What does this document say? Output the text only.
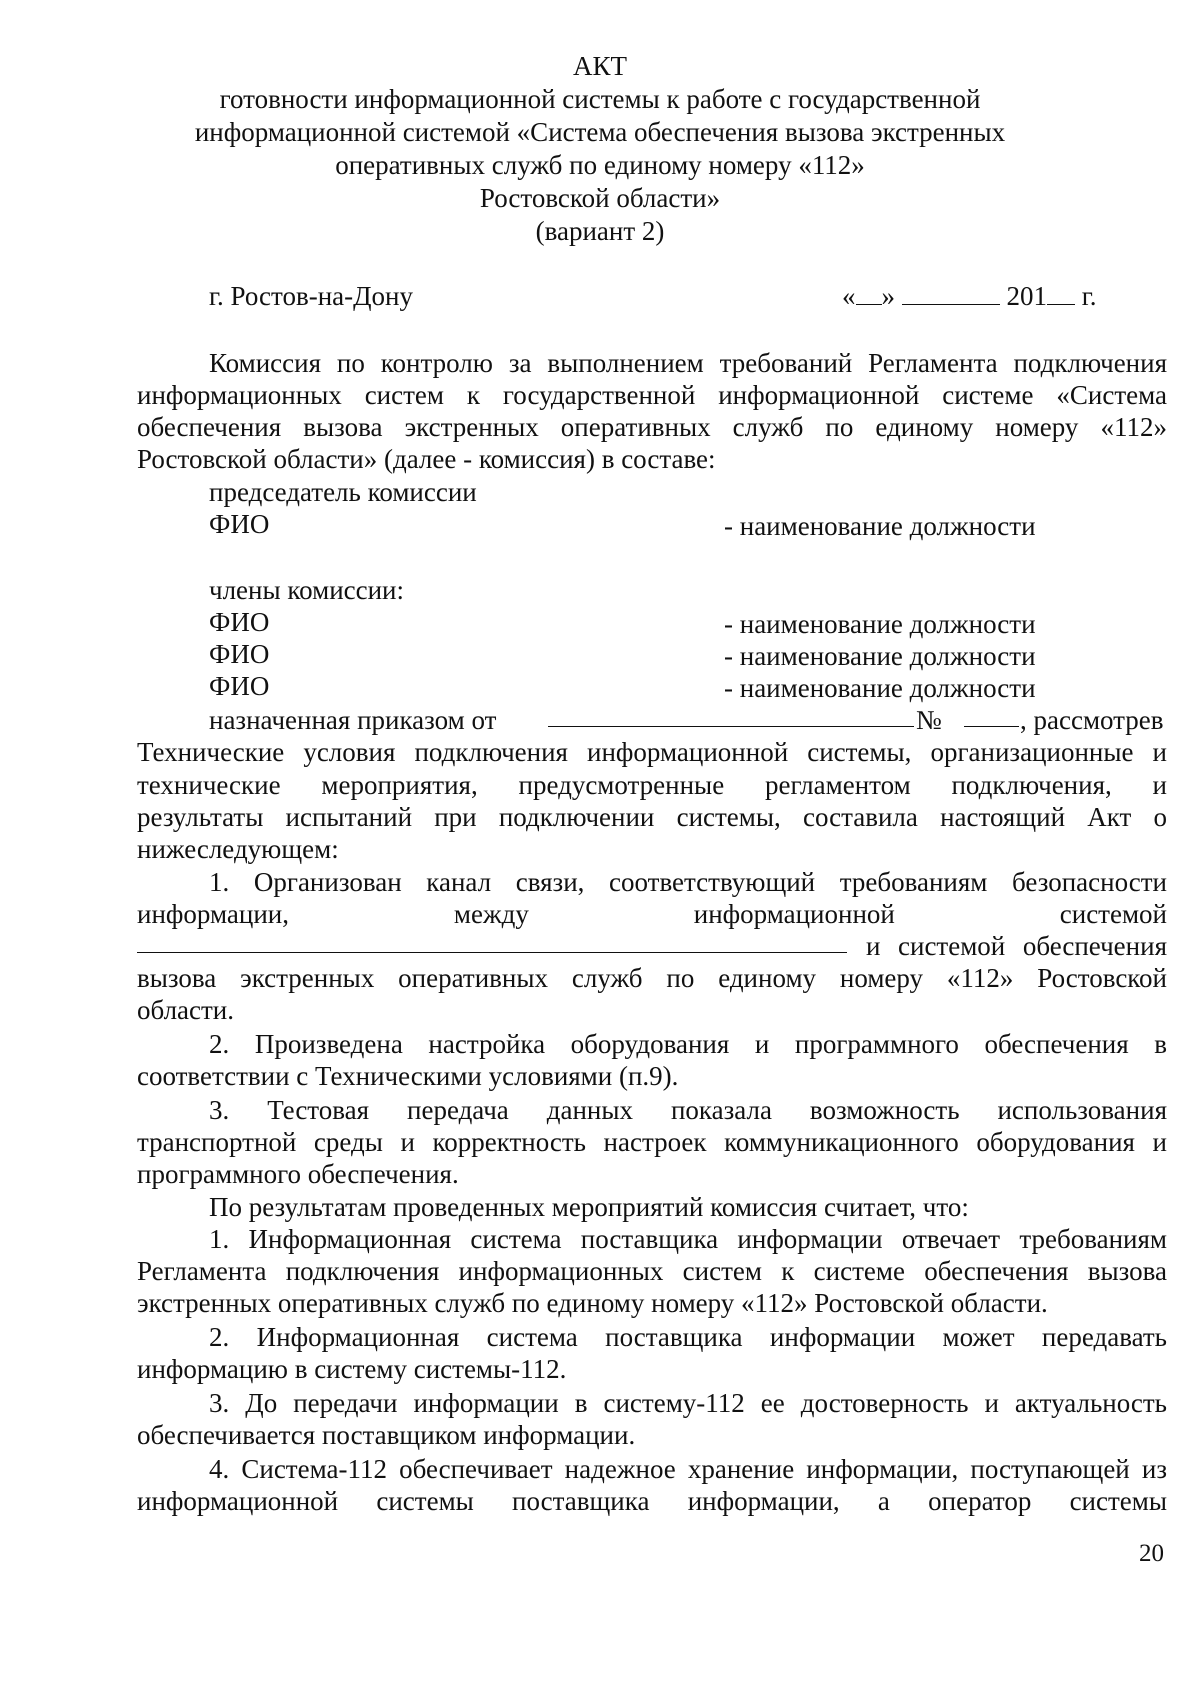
АКТ
готовности информационной системы к работе с государственной
информационной системой «Система обеспечения вызова экстренных
оперативных служб по единому номеру «112»
Ростовской области»
(вариант 2)
г. Ростов-на-Дону	« »	201 г.
Комиссия по контролю за выполнением требований Регламента подключения
информационных систем к государственной информационной системе «Система
обеспечения вызова экстренных оперативных служб по единому номеру «112»
Ростовской области» (далее - комиссия) в составе:
председатель комиссии
ФИО	- наименование должности
члены комиссии:
ФИО	- наименование должности
ФИО	- наименование должности
ФИО	- наименование должности
назначенная приказом от	№	, рассмотрев
Технические условия подключения информационной системы, организационные и
технические мероприятия, предусмотренные регламентом подключения, и
результаты испытаний при подключении системы, составила настоящий Акт о
нижеследующем:
1. Организован канал связи, соответствующий требованиям безопасности
информации, между информационной системой
и системой обеспечения
вызова экстренных оперативных служб по единому номеру «112» Ростовской
области.
2. Произведена настройка оборудования и программного обеспечения в
соответствии с Техническими условиями (п.9).
3. Тестовая передача данных показала возможность использования
транспортной среды и корректность настроек коммуникационного оборудования и
программного обеспечения.
По результатам проведенных мероприятий комиссия считает, что:
1. Информационная система поставщика информации отвечает требованиям
Регламента подключения информационных систем к системе обеспечения вызова
экстренных оперативных служб по единому номеру «112» Ростовской области.
2. Информационная система поставщика информации может передавать
информацию в систему системы-112.
3. До передачи информации в систему-112 ее достоверность и актуальность
обеспечивается поставщиком информации.
4. Система-112 обеспечивает надежное хранение информации, поступающей из
информационной системы поставщика информации, а оператор системы
20
